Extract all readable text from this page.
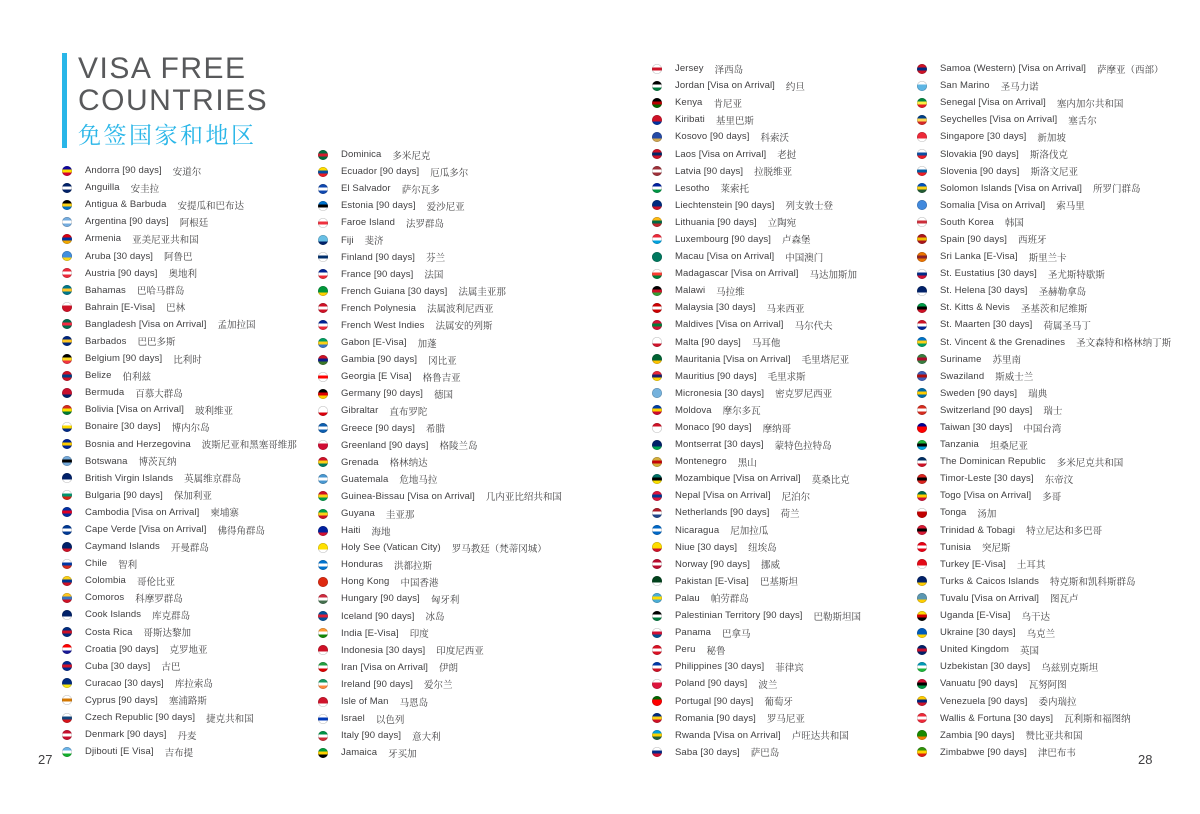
VISA FREE
COUNTRIES
免签国家和地区
Andorra [90 days] 安道尔
Anguilla 安圭拉
Antigua & Barbuda 安提瓜和巴布达
Argentina [90 days] 阿根廷
Armenia 亚美尼亚共和国
Aruba [30 days] 阿鲁巴
Austria [90 days] 奥地利
Bahamas 巴哈马群岛
Bahrain [E-Visa] 巴林
Bangladesh [Visa on Arrival] 孟加拉国
Barbados 巴巴多斯
Belgium [90 days] 比利时
Belize 伯利兹
Bermuda 百慕大群岛
Bolivia [Visa on Arrival] 玻利维亚
Bonaire [30 days] 博内尔岛
Bosnia and Herzegovina 波斯尼亚和黑塞哥维那
Botswana 博茨瓦纳
British Virgin Islands 英属维京群岛
Bulgaria [90 days] 保加利亚
Cambodia [Visa on Arrival] 柬埔寨
Cape Verde [Visa on Arrival] 佛得角群岛
Caymand Islands 开曼群岛
Chile 智利
Colombia 哥伦比亚
Comoros 科摩罗群岛
Cook Islands 库克群岛
Costa Rica 哥斯达黎加
Croatia [90 days] 克罗地亚
Cuba [30 days] 古巴
Curacao [30 days] 库拉索岛
Cyprus [90 days] 塞浦路斯
Czech Republic [90 days] 捷克共和国
Denmark [90 days] 丹麦
Djibouti [E Visa] 吉布提
Dominica 多米尼克
Ecuador [90 days] 厄瓜多尔
El Salvador 萨尔瓦多
Estonia [90 days] 爱沙尼亚
Faroe Island 法罗群岛
Fiji 斐济
Finland [90 days] 芬兰
France [90 days] 法国
French Guiana [30 days] 法属圭亚那
French Polynesia 法属波利尼西亚
French West Indies 法属安的列斯
Gabon [E-Visa] 加蓬
Gambia [90 days] 冈比亚
Georgia [E Visa] 格鲁吉亚
Germany [90 days] 德国
Gibraltar 直布罗陀
Greece [90 days] 希腊
Greenland [90 days] 格陵兰岛
Grenada 格林纳达
Guatemala 危地马拉
Guinea-Bissau [Visa on Arrival] 几内亚比绍共和国
Guyana 圭亚那
Haiti 海地
Holy See (Vatican City) 罗马教廷（梵蒂冈城）
Honduras 洪都拉斯
Hong Kong 中国香港
Hungary [90 days] 匈牙利
Iceland [90 days] 冰岛
India [E-Visa] 印度
Indonesia [30 days] 印度尼西亚
Iran [Visa on Arrival] 伊朗
Ireland [90 days] 爱尔兰
Isle of Man 马恩岛
Israel 以色列
Italy [90 days] 意大利
Jamaica 牙买加
Jersey 泽西岛
Jordan [Visa on Arrival] 约旦
Kenya 肯尼亚
Kiribati 基里巴斯
Kosovo [90 days] 科索沃
Laos [Visa on Arrival] 老挝
Latvia [90 days] 拉脱维亚
Lesotho 莱索托
Liechtenstein [90 days] 列支敦士登
Lithuania [90 days] 立陶宛
Luxembourg [90 days] 卢森堡
Macau [Visa on Arrival] 中国澳门
Madagascar [Visa on Arrival] 马达加斯加
Malawi 马拉维
Malaysia [30 days] 马来西亚
Maldives [Visa on Arrival] 马尔代夫
Malta [90 days] 马耳他
Mauritania [Visa on Arrival] 毛里塔尼亚
Mauritius [90 days] 毛里求斯
Micronesia [30 days] 密克罗尼西亚
Moldova 摩尔多瓦
Monaco [90 days] 摩纳哥
Montserrat [30 days] 蒙特色拉特岛
Montenegro 黑山
Mozambique [Visa on Arrival] 莫桑比克
Nepal [Visa on Arrival] 尼泊尔
Netherlands [90 days] 荷兰
Nicaragua 尼加拉瓜
Niue [30 days] 纽埃岛
Norway [90 days] 挪威
Pakistan [E-Visa] 巴基斯坦
Palau 帕劳群岛
Palestinian Territory [90 days] 巴勒斯坦国
Panama 巴拿马
Peru 秘鲁
Philippines [30 days] 菲律宾
Poland [90 days] 波兰
Portugal [90 days] 葡萄牙
Romania [90 days] 罗马尼亚
Rwanda [Visa on Arrival] 卢旺达共和国
Saba [30 days] 萨巴岛
Samoa (Western) [Visa on Arrival] 萨摩亚（西部）
San Marino 圣马力诺
Senegal [Visa on Arrival] 塞内加尔共和国
Seychelles [Visa on Arrival] 塞舌尔
Singapore [30 days] 新加坡
Slovakia [90 days] 斯洛伐克
Slovenia [90 days] 斯洛文尼亚
Solomon Islands [Visa on Arrival] 所罗门群岛
Somalia [Visa on Arrival] 索马里
South Korea 韩国
Spain [90 days] 西班牙
Sri Lanka [E-Visa] 斯里兰卡
St. Eustatius [30 days] 圣尤斯特歇斯
St. Helena [30 days] 圣赫勒拿岛
St. Kitts & Nevis 圣基茨和尼维斯
St. Maarten [30 days] 荷属圣马丁
St. Vincent & the Grenadines 圣文森特和格林纳丁斯
Suriname 苏里南
Swaziland 斯威士兰
Sweden [90 days] 瑞典
Switzerland [90 days] 瑞士
Taiwan [30 days] 中国台湾
Tanzania 坦桑尼亚
The Dominican Republic 多米尼克共和国
Timor-Leste [30 days] 东帝汶
Togo [Visa on Arrival] 多哥
Tonga 汤加
Trinidad & Tobagi 特立尼达和多巴哥
Tunisia 突尼斯
Turkey [E-Visa] 土耳其
Turks & Caicos Islands 特克斯和凯科斯群岛
Tuvalu [Visa on Arrival] 图瓦卢
Uganda [E-Visa] 乌干达
Ukraine [30 days] 乌克兰
United Kingdom 英国
Uzbekistan [30 days] 乌兹别克斯坦
Vanuatu [90 days] 瓦努阿图
Venezuela [90 days] 委内瑞拉
Wallis & Fortuna [30 days] 瓦利斯和福图纳
Zambia [90 days] 赞比亚共和国
Zimbabwe [90 days] 津巴布韦
27	28
